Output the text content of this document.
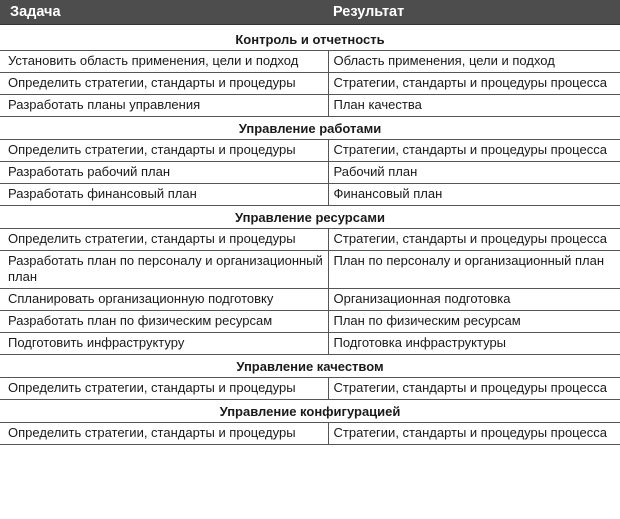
Задача	Результат
Контроль и отчетность	
Установить область применения, цели и подход	Область применения, цели и подход
Определить стратегии, стандарты и процедуры	Стратегии, стандарты и процедуры процесса
Разработать планы управления	План качества
Управление работами	
Определить стратегии, стандарты и процедуры	Стратегии, стандарты и процедуры процесса
Разработать рабочий план	Рабочий план
Разработать финансовый план	Финансовый план
Управление ресурсами	
Определить стратегии, стандарты и процедуры	Стратегии, стандарты и процедуры процесса
Разработать план по персоналу и организационный план	План по персоналу и организационный план
Спланировать организационную подготовку	Организационная подготовка
Разработать план по физическим ресурсам	План по физическим ресурсам
Подготовить инфраструктуру	Подготовка инфраструктуры
Управление качеством	
Определить стратегии, стандарты и процедуры	Стратегии, стандарты и процедуры процесса
Управление конфигурацией	
Определить стратегии, стандарты и процедуры	Стратегии, стандарты и процедуры процесса
